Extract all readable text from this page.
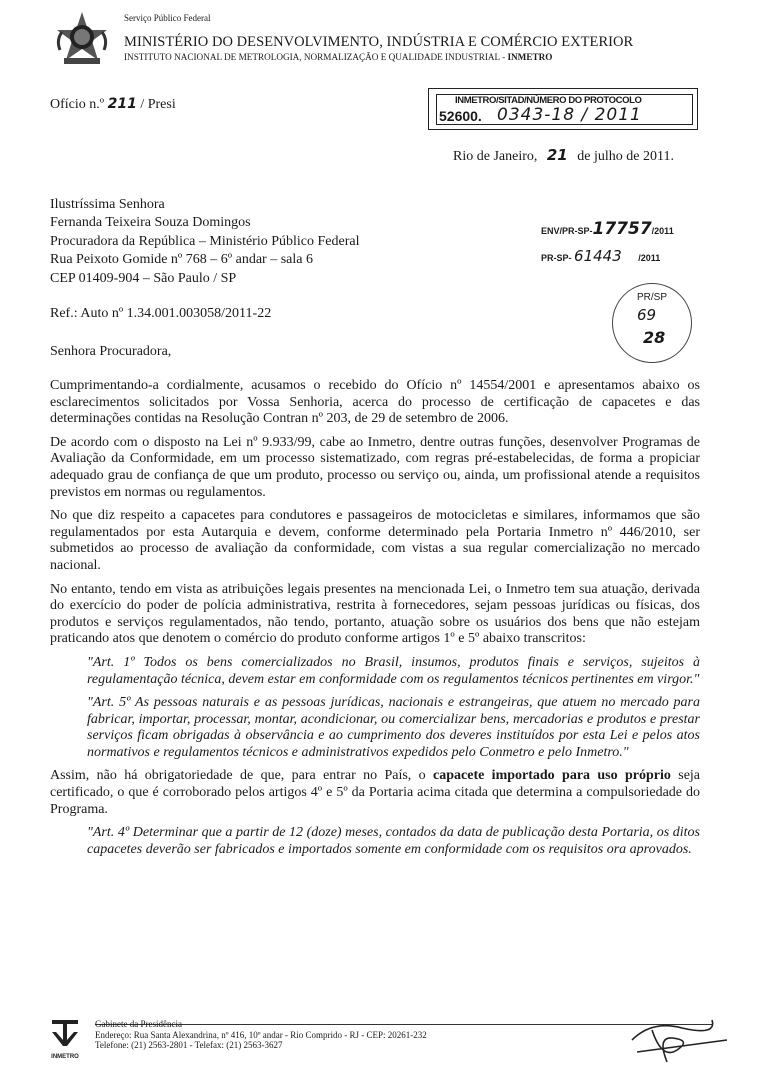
Serviço Público Federal
MINISTÉRIO DO DESENVOLVIMENTO, INDÚSTRIA E COMÉRCIO EXTERIOR
INSTITUTO NACIONAL DE METROLOGIA, NORMALIZAÇÃO E QUALIDADE INDUSTRIAL - INMETRO
Ofício n.º 211 / Presi	INMETRO/SITAD/NÚMERO DO PROTOCOLO
52600. 0343-18 / 2011
Rio de Janeiro, 21 de julho de 2011.
Ilustríssima Senhora
Fernanda Teixeira Souza Domingos
Procuradora da República – Ministério Público Federal
Rua Peixoto Gomide nº 768 – 6º andar – sala 6
CEP 01409-904 – São Paulo / SP
ENV/PR-SP-17757/2011
PR-SP- 61443 /2011
PR/SP
69
28
Ref.: Auto nº 1.34.001.003058/2011-22
Senhora Procuradora,

Cumprimentando-a cordialmente, acusamos o recebido do Ofício nº 14554/2001 e apresentamos abaixo os esclarecimentos solicitados por Vossa Senhoria, acerca do processo de certificação de capacetes e das determinações contidas na Resolução Contran nº 203, de 29 de setembro de 2006.

De acordo com o disposto na Lei nº 9.933/99, cabe ao Inmetro, dentre outras funções, desenvolver Programas de Avaliação da Conformidade, em um processo sistematizado, com regras pré-estabelecidas, de forma a propiciar adequado grau de confiança de que um produto, processo ou serviço ou, ainda, um profissional atende a requisitos previstos em normas ou regulamentos.

No que diz respeito a capacetes para condutores e passageiros de motocicletas e similares, informamos que são regulamentados por esta Autarquia e devem, conforme determinado pela Portaria Inmetro nº 446/2010, ser submetidos ao processo de avaliação da conformidade, com vistas a sua regular comercialização no mercado nacional.

No entanto, tendo em vista as atribuições legais presentes na mencionada Lei, o Inmetro tem sua atuação, derivada do exercício do poder de polícia administrativa, restrita à fornecedores, sejam pessoas jurídicas ou físicas, dos produtos e serviços regulamentados, não tendo, portanto, atuação sobre os usuários dos bens que não estejam praticando atos que denotem o comércio do produto conforme artigos 1º e 5º abaixo transcritos:

"Art. 1º Todos os bens comercializados no Brasil, insumos, produtos finais e serviços, sujeitos à regulamentação técnica, devem estar em conformidade com os regulamentos técnicos pertinentes em virgor."

"Art. 5º As pessoas naturais e as pessoas jurídicas, nacionais e estrangeiras, que atuem no mercado para fabricar, importar, processar, montar, acondicionar, ou comercializar bens, mercadorias e produtos e prestar serviços ficam obrigadas à observância e ao cumprimento dos deveres instituídos por esta Lei e pelos atos normativos e regulamentos técnicos e administrativos expedidos pelo Conmetro e pelo Inmetro."

Assim, não há obrigatoriedade de que, para entrar no País, o capacete importado para uso próprio seja certificado, o que é corroborado pelos artigos 4º e 5º da Portaria acima citada que determina a compulsoriedade do Programa.

"Art. 4º Determinar que a partir de 12 (doze) meses, contados da data de publicação desta Portaria, os ditos capacetes deverão ser fabricados e importados somente em conformidade com os requisitos ora aprovados.

INMETRO
Gabinete da Presidência
Endereço: Rua Santa Alexandrina, nº 416, 10º andar - Rio Comprido - RJ - CEP: 20261-232
Telefone: (21) 2563-2801 - Telefax: (21) 2563-3627
